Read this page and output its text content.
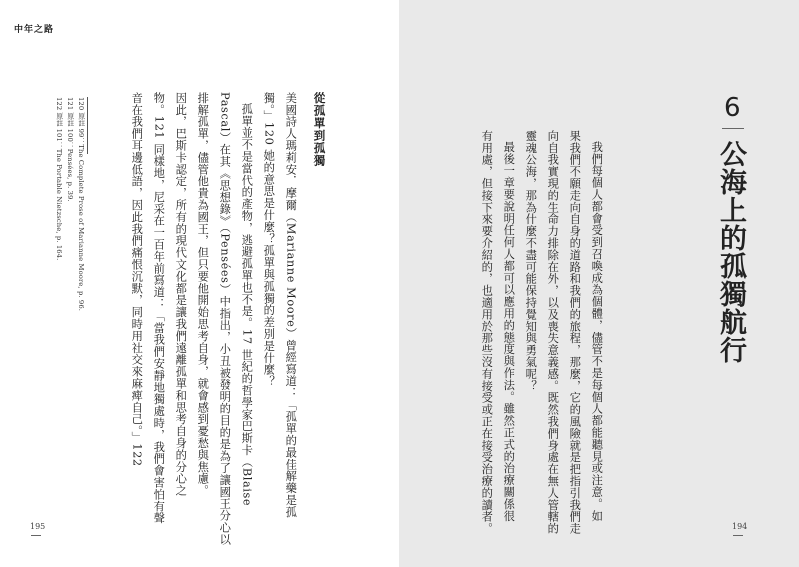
中年之路
從孤單到孤獨
美國詩人瑪莉安．摩爾（Marianne Moore）曾經寫道：「孤單的最佳解藥是孤
獨。」120 她的意思是什麼？孤單與孤獨的差別是什麼？
孤單並不是當代的產物，逃避孤單也不是。17 世紀的哲學家巴斯卡（Blaise
Pascal）在其《思想錄》（Pensées）中指出，小丑被發明的目的是為了讓國王分心以
排解孤單，儘管他貴為國王，但只要他開始思考自身，就會感到憂愁與焦慮。
因此，巴斯卡認定，所有的現代文化都是讓我們遠離孤單和思考自身的分心之
物。121 同樣地，尼采在一百年前寫道：「當我們安靜地獨處時，我們會害怕有聲
音在我們耳邊低語，因此我們痛恨沉默，同時用社交來麻痺自己。」122
120 原註 99：The Complete Prose of Marianne Moore, p. 96.
121 原註 100：Pensées, p. 39.
122 原註 101：The Portable Nietzsche, p. 164.
195
6
公海上的孤獨航行
我們每個人都會受到召喚成為個體，儘管不是每個人都能聽見或注意。如
果我們不願走向自身的道路和我們的旅程，那麼，它的風險就是把指引我們走
向自我實現的生命力排除在外，以及喪失意義感。既然我們身處在無人管轄的
靈魂公海，那為什麼不盡可能保持覺知與勇氣呢？
最後一章要說明任何人都可以應用的態度與作法。雖然正式的治療關係很
有用處，但接下來要介紹的，也適用於那些沒有接受或正在接受治療的讀者。	194
